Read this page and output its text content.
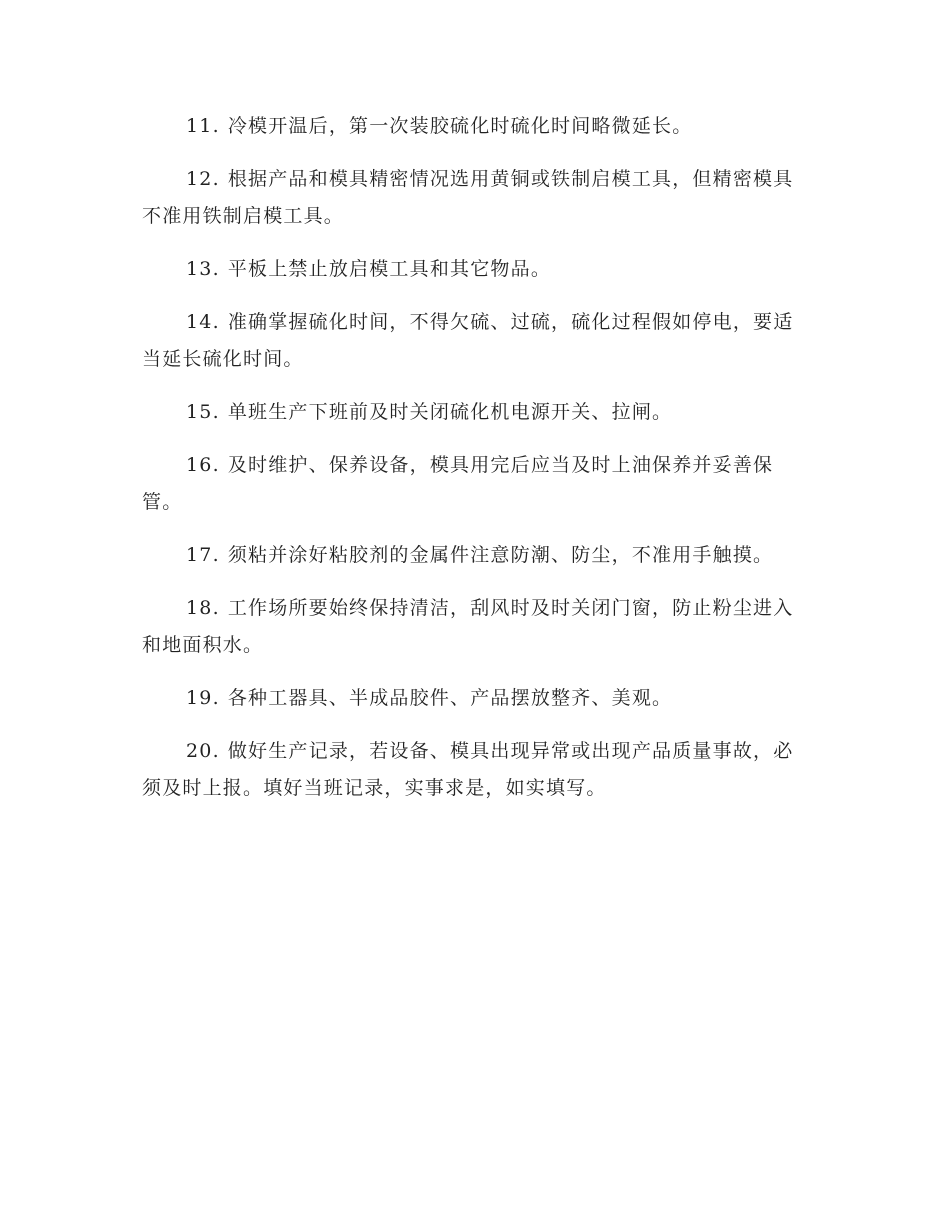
11. 冷模开温后，第一次装胶硫化时硫化时间略微延长。

12. 根据产品和模具精密情况选用黄铜或铁制启模工具，但精密模具不准用铁制启模工具。

13. 平板上禁止放启模工具和其它物品。

14. 准确掌握硫化时间，不得欠硫、过硫，硫化过程假如停电，要适当延长硫化时间。

15. 单班生产下班前及时关闭硫化机电源开关、拉闸。

16. 及时维护、保养设备，模具用完后应当及时上油保养并妥善保管。

17. 须粘并涂好粘胶剂的金属件注意防潮、防尘，不准用手触摸。

18. 工作场所要始终保持清洁，刮风时及时关闭门窗，防止粉尘进入和地面积水。

19. 各种工器具、半成品胶件、产品摆放整齐、美观。

20. 做好生产记录，若设备、模具出现异常或出现产品质量事故，必须及时上报。填好当班记录，实事求是，如实填写。
